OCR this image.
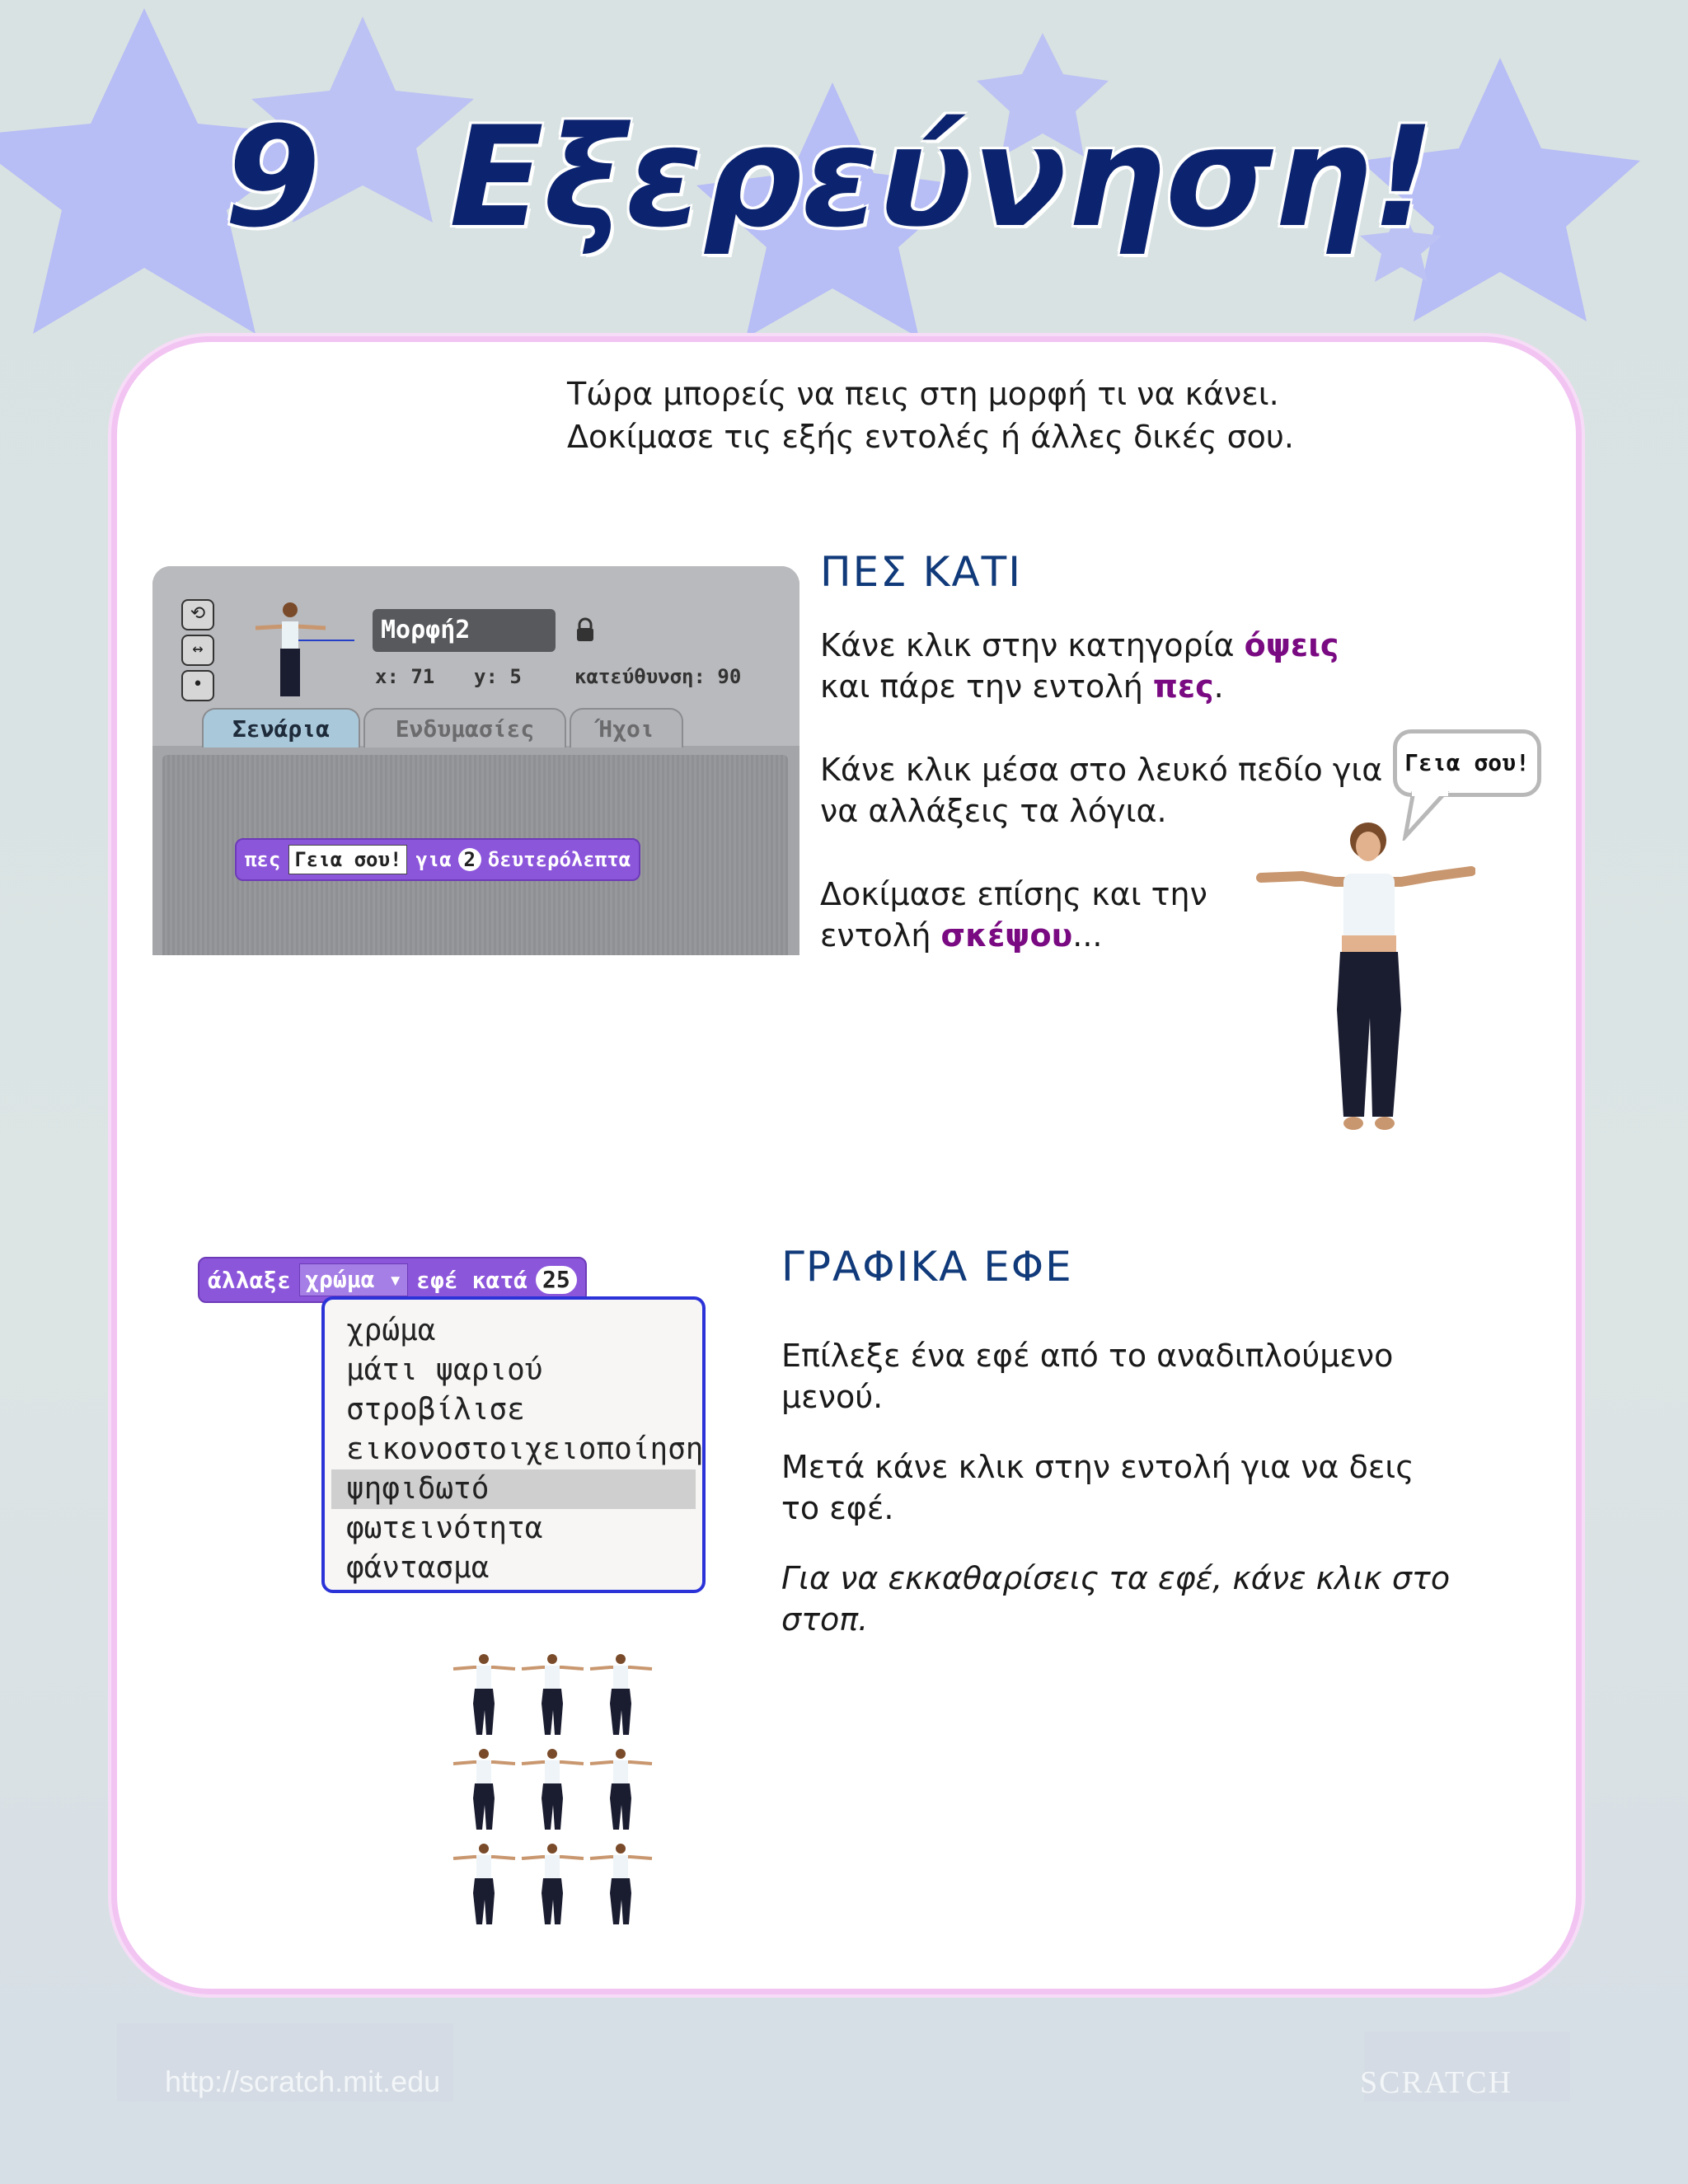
9 Εξερεύνηση!
Τώρα μπορείς να πεις στη μορφή τι να κάνει.
Δοκίμασε τις εξής εντολές ή άλλες δικές σου.
⟲
↔
•
Μορφή2
x: 71 y: 5	κατεύθυνση: 90
Σενάρια	Ενδυμασίες	Ήχοι
πες Γεια σου! για 2 δευτερόλεπτα
ΠΕΣ ΚΑΤΙ
Κάνε κλικ στην κατηγορία όψεις
και πάρε την εντολή πες.
Κάνε κλικ μέσα στο λευκό πεδίο για
να αλλάξεις τα λόγια.
Δοκίμασε επίσης και την
εντολή σκέψου...
Γεια σου!
άλλαξε χρώμα ▾ εφέ κατά 25
χρώμα
μάτι ψαριού
στροβίλισε
εικονοστοιχειοποίηση
ψηφιδωτό
φωτεινότητα
φάντασμα
ΓΡΑΦΙΚΑ ΕΦΕ
Επίλεξε ένα εφέ από το αναδιπλούμενο
μενού.
Μετά κάνε κλικ στην εντολή για να δεις
το εφέ.
Για να εκκαθαρίσεις τα εφέ, κάνε κλικ στο
στοπ.
http://scratch.mit.edu	SCRATCH
